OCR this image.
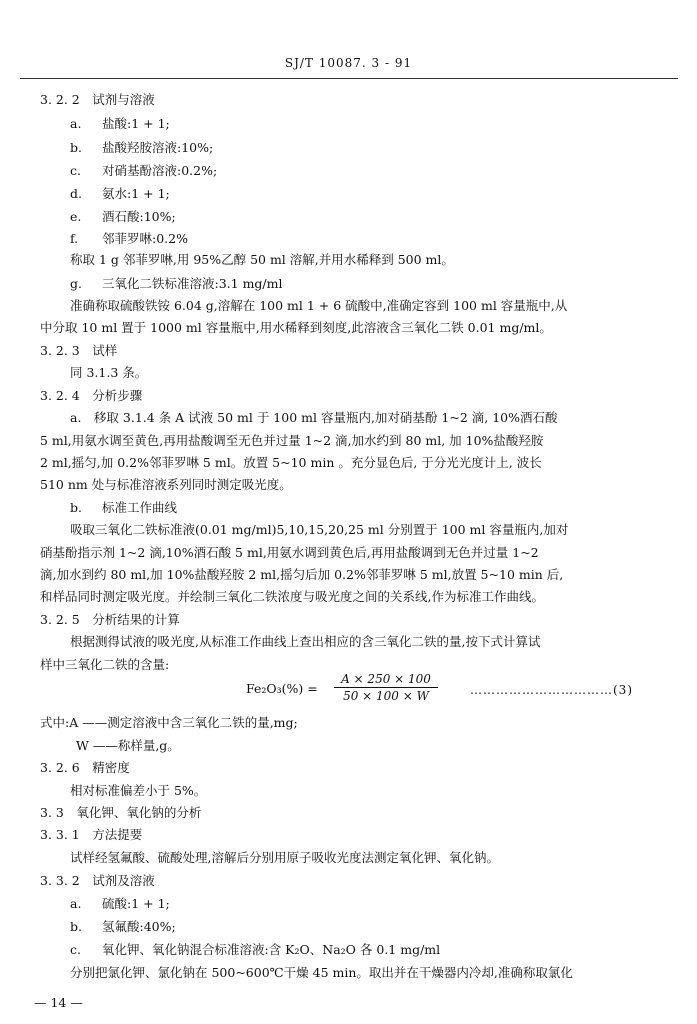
SJ/T 10087. 3 - 91
3. 2. 2　试剂与溶液
a. 盐酸:1 + 1;
b. 盐酸羟胺溶液:10%;
c. 对硝基酚溶液:0.2%;
d. 氨水:1 + 1;
e. 酒石酸:10%;
f. 邻菲罗啉:0.2%
称取 1 g 邻菲罗啉,用 95%乙醇 50 ml 溶解,并用水稀释到 500 ml。
g. 三氧化二铁标准溶液:3.1 mg/ml
准确称取硫酸铁铵 6.04 g,溶解在 100 ml 1 + 6 硫酸中,准确定容到 100 ml 容量瓶中,从
中分取 10 ml 置于 1000 ml 容量瓶中,用水稀释到刻度,此溶液含三氧化二铁 0.01 mg/ml。
3. 2. 3　试样
同 3.1.3 条。
3. 2. 4　分析步骤
a.　移取 3.1.4 条 A 试液 50 ml 于 100 ml 容量瓶内,加对硝基酚 1~2 滴, 10%酒石酸
5 ml,用氨水调至黄色,再用盐酸调至无色并过量 1~2 滴,加水约到 80 ml, 加 10%盐酸羟胺
2 ml,摇匀,加 0.2%邻菲罗啉 5 ml。放置 5~10 min 。充分显色后, 于分光光度计上, 波长
510 nm 处与标准溶液系列同时测定吸光度。
b. 标准工作曲线
吸取三氧化二铁标准液(0.01 mg/ml)5,10,15,20,25 ml 分别置于 100 ml 容量瓶内,加对
硝基酚指示剂 1~2 滴,10%酒石酸 5 ml,用氨水调到黄色后,再用盐酸调到无色并过量 1~2
滴,加水到约 80 ml,加 10%盐酸羟胺 2 ml,摇匀后加 0.2%邻菲罗啉 5 ml,放置 5~10 min 后,
和样品同时测定吸光度。并绘制三氧化二铁浓度与吸光度之间的关系线,作为标准工作曲线。
3. 2. 5　分析结果的计算
根据测得试液的吸光度,从标准工作曲线上查出相应的含三氧化二铁的量,按下式计算试
样中三氧化二铁的含量:
$Fe_2O_3(\%) = \frac{A \times 250 \times 100}{50 \times 100 \times W}$	……………………………(3)
式中:A ——测定溶液中含三氧化二铁的量,mg;
W ——称样量,g。
3. 2. 6　精密度
相对标准偏差小于 5%。
3. 3　氧化钾、氧化钠的分析
3. 3. 1　方法提要
试样经氢氟酸、硫酸处理,溶解后分别用原子吸收光度法测定氧化钾、氧化钠。
3. 3. 2　试剂及溶液
a. 硫酸:1 + 1;
b. 氢氟酸:40%;
c. 氧化钾、氧化钠混合标准溶液:含 K₂O、Na₂O 各 0.1 mg/ml
分别把氯化钾、氯化钠在 500~600℃干燥 45 min。取出并在干燥器内冷却,准确称取氯化
— 14 —
